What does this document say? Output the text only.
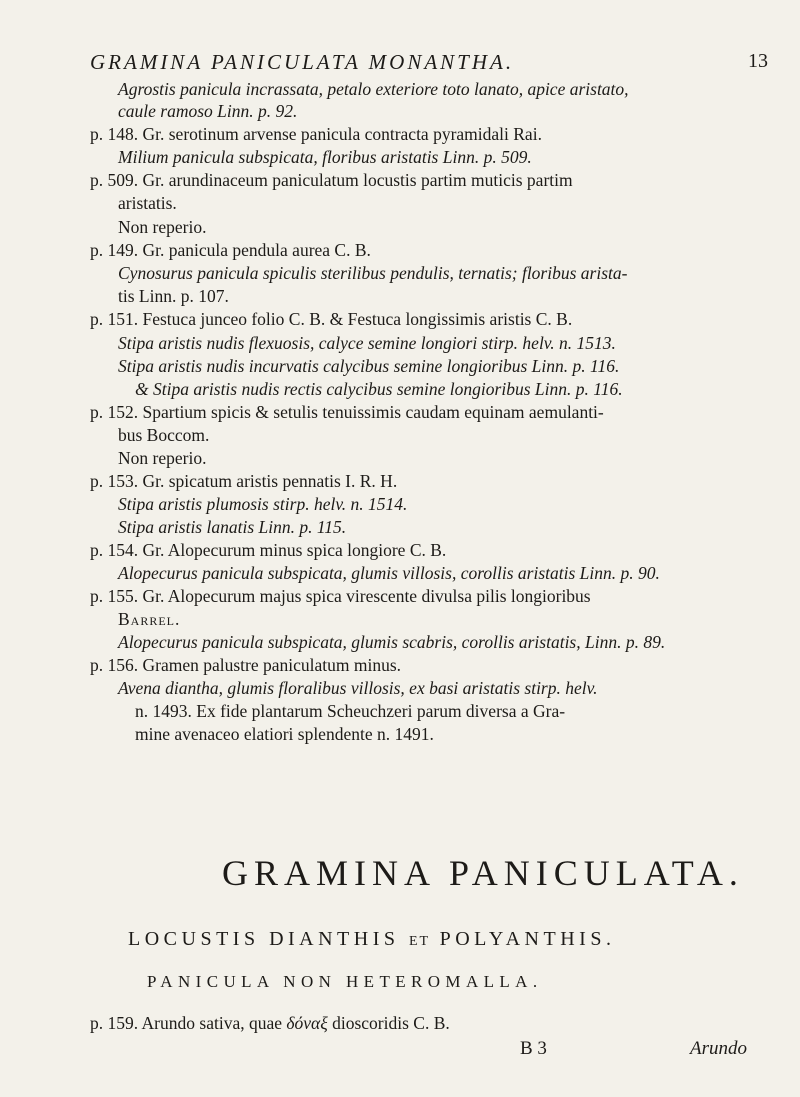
GRAMINA PANICULATA MONANTHA.	13
Agrostis panicula incrassata, petalo exteriore toto lanato, apice aristato,
caule ramoso Linn. p. 92.
p. 148. Gr. serotinum arvense panicula contracta pyramidali Rai.
Milium panicula subspicata, floribus aristatis Linn. p. 509.
p. 509. Gr. arundinaceum paniculatum locustis partim muticis partim
aristatis.
Non reperio.
p. 149. Gr. panicula pendula aurea C. B.
Cynosurus panicula spiculis sterilibus pendulis, ternatis; floribus arista-
tis Linn. p. 107.
p. 151. Festuca junceo folio C. B. & Festuca longissimis aristis C. B.
Stipa aristis nudis flexuosis, calyce semine longiori stirp. helv. n. 1513.
Stipa aristis nudis incurvatis calycibus semine longioribus Linn. p. 116.
& Stipa aristis nudis rectis calycibus semine longioribus Linn. p. 116.
p. 152. Spartium spicis & setulis tenuissimis caudam equinam aemulanti-
bus Boccom.
Non reperio.
p. 153. Gr. spicatum aristis pennatis I. R. H.
Stipa aristis plumosis stirp. helv. n. 1514.
Stipa aristis lanatis Linn. p. 115.
p. 154. Gr. Alopecurum minus spica longiore C. B.
Alopecurus panicula subspicata, glumis villosis, corollis aristatis Linn. p. 90.
p. 155. Gr. Alopecurum majus spica virescente divulsa pilis longioribus
Barrel.
Alopecurus panicula subspicata, glumis scabris, corollis aristatis, Linn. p. 89.
p. 156. Gramen palustre paniculatum minus.
Avena diantha, glumis floralibus villosis, ex basi aristatis stirp. helv.
n. 1493. Ex fide plantarum Scheuchzeri parum diversa a Gra-
mine avenaceo elatiori splendente n. 1491.
GRAMINA PANICULATA.
LOCUSTIS DIANTHIS ET POLYANTHIS.
PANICULA NON HETEROMALLA.
p. 159. Arundo sativa, quae δόναξ dioscoridis C. B.
B 3	Arundo
